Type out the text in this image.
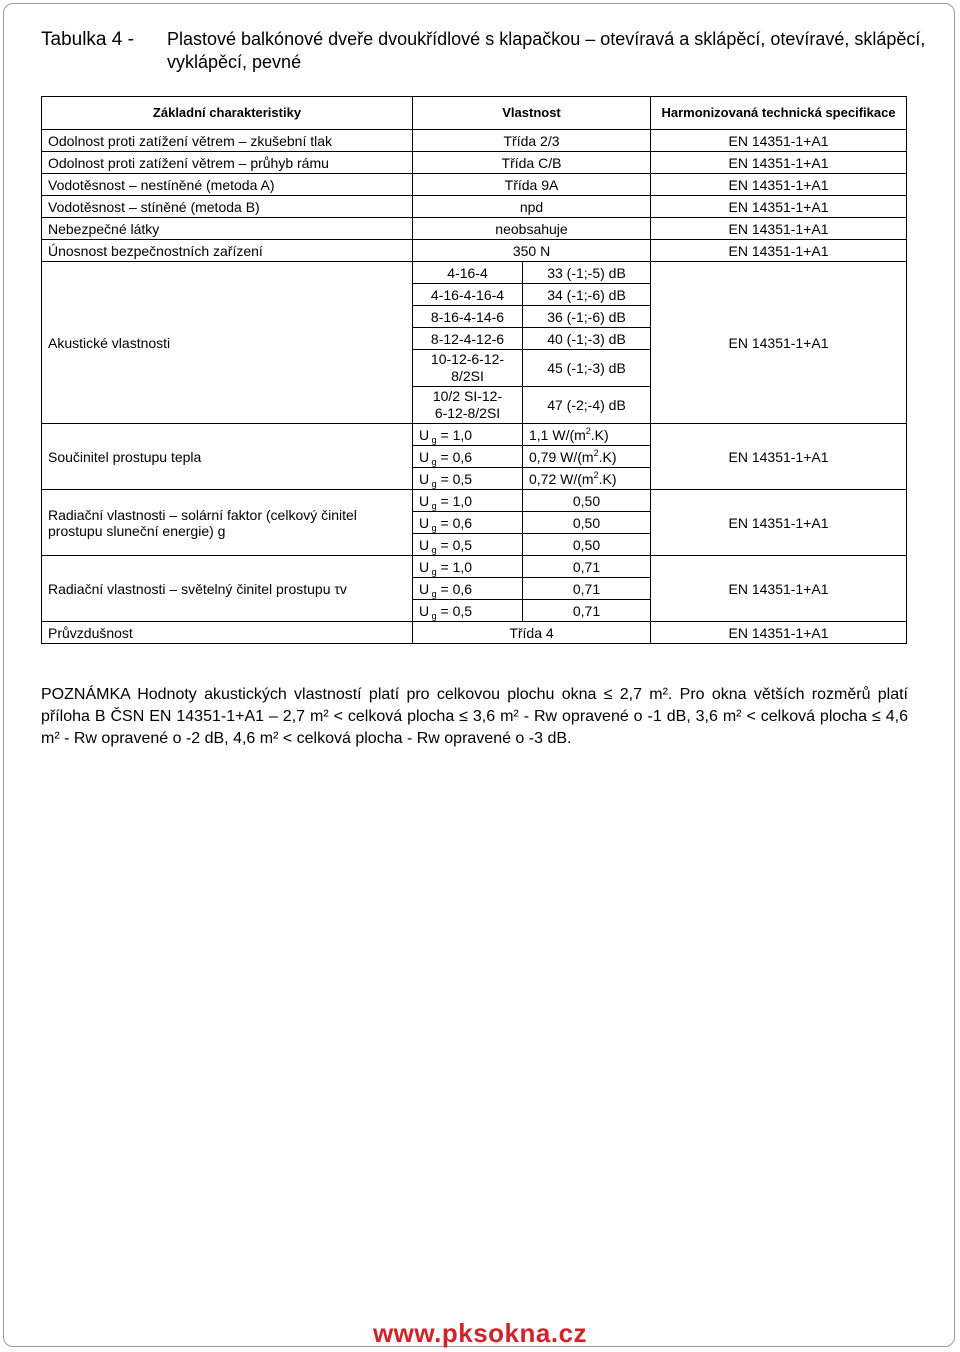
Tabulka 4 - Plastové balkónové dveře dvoukřídlové s klapačkou – otevíravá a sklápěcí, otevíravé, sklápěcí, vyklápěcí, pevné
Základní charakteristiky	Vlastnost		Harmonizovaná technická specifikace
Odolnost proti zatížení větrem – zkušební tlak	Třída 2/3		EN 14351-1+A1
Odolnost proti zatížení větrem – průhyb rámu	Třída C/B		EN 14351-1+A1
Vodotěsnost – nestíněné (metoda A)	Třída 9A		EN 14351-1+A1
Vodotěsnost – stíněné (metoda B)	npd		EN 14351-1+A1
Nebezpečné látky	neobsahuje		EN 14351-1+A1
Únosnost bezpečnostních zařízení	350 N		EN 14351-1+A1
Akustické vlastnosti	4-16-4	33 (-1;-5) dB	EN 14351-1+A1
	4-16-4-16-4	34 (-1;-6) dB	
	8-16-4-14-6	36 (-1;-6) dB	
	8-12-4-12-6	40 (-1;-3) dB	
	10-12-6-12-8/2SI	45 (-1;-3) dB	
	10/2 SI-12-6-12-8/2SI	47 (-2;-4) dB	
Součinitel prostupu tepla	U $_g$ = 1,0	1,1 $W/(m^2.K)$	EN 14351-1+A1
	U $_g$ = 0,6	0,79 $W/(m^2.K)$	
	U $_g$ = 0,5	0,72 $W/(m^2.K)$	
Radiační vlastnosti – solární faktor (celkový činitel prostupu sluneční energie) g	U $_g$ = 1,0	0,50	EN 14351-1+A1
	U $_g$ = 0,6	0,50	
	U $_g$ = 0,5	0,50	
Radiační vlastnosti – světelný činitel prostupu τv	U $_g$ = 1,0	0,71	EN 14351-1+A1
	U $_g$ = 0,6	0,71	
	U $_g$ = 0,5	0,71	
Průvzdušnost	Třída 4		EN 14351-1+A1
POZNÁMKA Hodnoty akustických vlastností platí pro celkovou plochu okna ≤ 2,7 m². Pro okna větších rozměrů platí příloha B ČSN EN 14351-1+A1 – 2,7 m² < celková plocha ≤ 3,6 m² - Rw opravené o -1 dB, 3,6 m² < celková plocha ≤ 4,6 m² - Rw opravené o -2 dB, 4,6 m² < celková plocha - Rw opravené o -3 dB.
www.pksokna.cz
